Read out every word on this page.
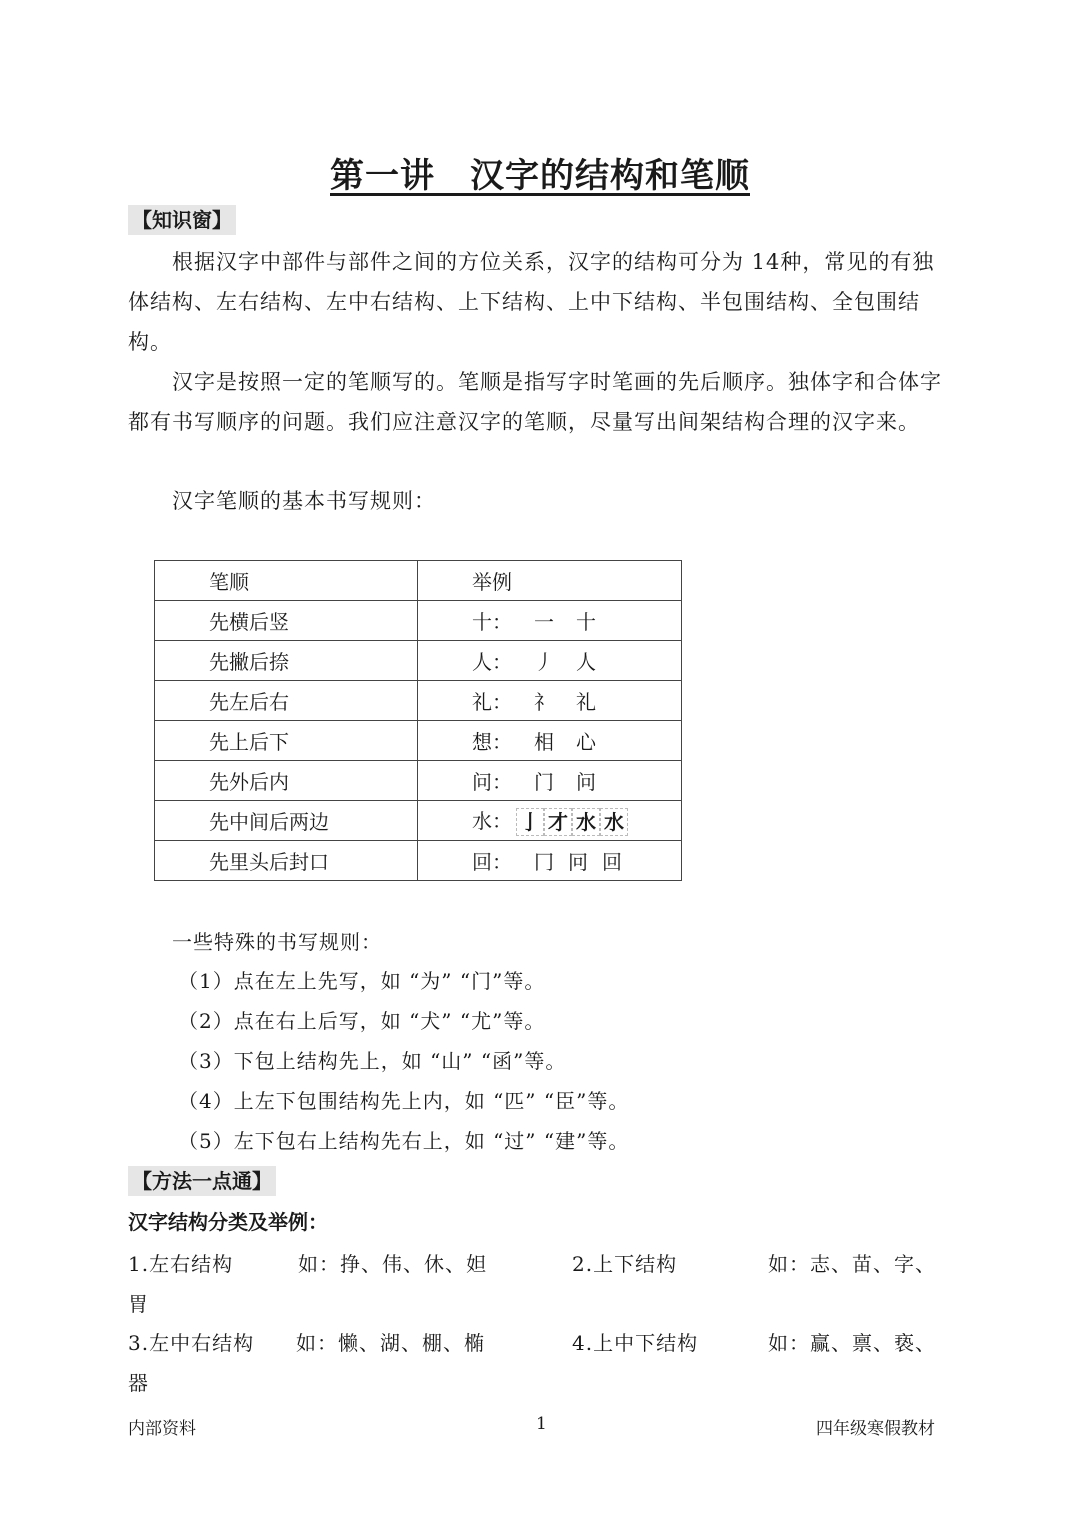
第一讲　汉字的结构和笔顺
【知识窗】
根据汉字中部件与部件之间的方位关系，汉字的结构可分为 14种，常见的有独体结构、左右结构、左中右结构、上下结构、上中下结构、半包围结构、全包围结构。
汉字是按照一定的笔顺写的。笔顺是指写字时笔画的先后顺序。独体字和合体字都有书写顺序的问题。我们应注意汉字的笔顺，尽量写出间架结构合理的汉字来。
汉字笔顺的基本书写规则：
笔顺	举例
先横后竖	十： 一 十
先撇后捺	人： 丿 人
先左后右	礼： 礻 礼
先上后下	想： 相 心
先外后内	问： 门 问
先中间后两边	水： 亅 才 水 水
先里头后封口	回： 冂 冋 回
一些特殊的书写规则：
（1）点在左上先写，如 “为” “门”等。
（2）点在右上后写，如 “犬” “尤”等。
（3）下包上结构先上，如 “山” “函”等。
（4）上左下包围结构先上内，如 “匹” “臣”等。
（5）左下包右上结构先右上，如 “过” “建”等。
【方法一点通】
汉字结构分类及举例：
1.左右结构	如：挣、伟、休、妲	2.上下结构	如：志、苗、字、
胃
3.左中右结构 如：懒、湖、棚、椭	4.上中下结构	如：赢、禀、亵、
器
内部资料	1	四年级寒假教材
